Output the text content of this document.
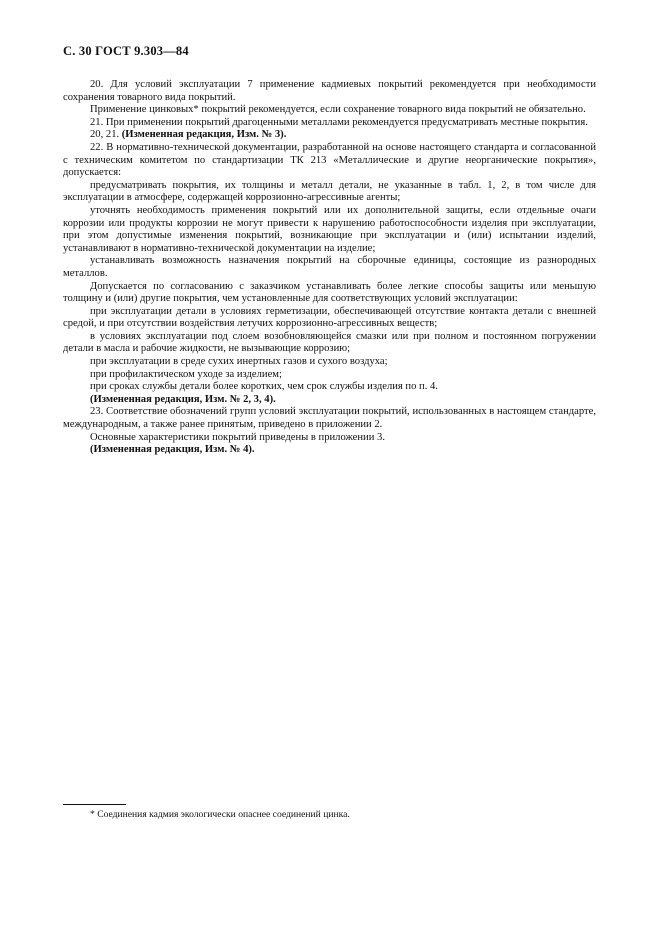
С. 30 ГОСТ 9.303—84

20. Для условий эксплуатации 7 применение кадмиевых покрытий рекомендуется при необходимости сохранения товарного вида покрытий.

Применение цинковых* покрытий рекомендуется, если сохранение товарного вида покрытий не обязательно.

21. При применении покрытий драгоценными металлами рекомендуется предусматривать местные покрытия.

20, 21. (Измененная редакция, Изм. № 3).

22. В нормативно-технической документации, разработанной на основе настоящего стандарта и согласованной с техническим комитетом по стандартизации ТК 213 «Металлические и другие неорганические покрытия», допускается:

предусматривать покрытия, их толщины и металл детали, не указанные в табл. 1, 2, в том числе для эксплуатации в атмосфере, содержащей коррозионно-агрессивные агенты;

уточнять необходимость применения покрытий или их дополнительной защиты, если отдельные очаги коррозии или продукты коррозии не могут привести к нарушению работоспособности изделия при эксплуатации, при этом допустимые изменения покрытий, возникающие при эксплуатации и (или) испытании изделий, устанавливают в нормативно-технической документации на изделие;

устанавливать возможность назначения покрытий на сборочные единицы, состоящие из разнородных металлов.

Допускается по согласованию с заказчиком устанавливать более легкие способы защиты или меньшую толщину и (или) другие покрытия, чем установленные для соответствующих условий эксплуатации:

при эксплуатации детали в условиях герметизации, обеспечивающей отсутствие контакта детали с внешней средой, и при отсутствии воздействия летучих коррозионно-агрессивных веществ;

в условиях эксплуатации под слоем возобновляющейся смазки или при полном и постоянном погружении детали в масла и рабочие жидкости, не вызывающие коррозию;

при эксплуатации в среде сухих инертных газов и сухого воздуха;

при профилактическом уходе за изделием;

при сроках службы детали более коротких, чем срок службы изделия по п. 4.

(Измененная редакция, Изм. № 2, 3, 4).

23. Соответствие обозначений групп условий эксплуатации покрытий, использованных в настоящем стандарте, международным, а также ранее принятым, приведено в приложении 2.

Основные характеристики покрытий приведены в приложении 3.

(Измененная редакция, Изм. № 4).

* Соединения кадмия экологически опаснее соединений цинка.
